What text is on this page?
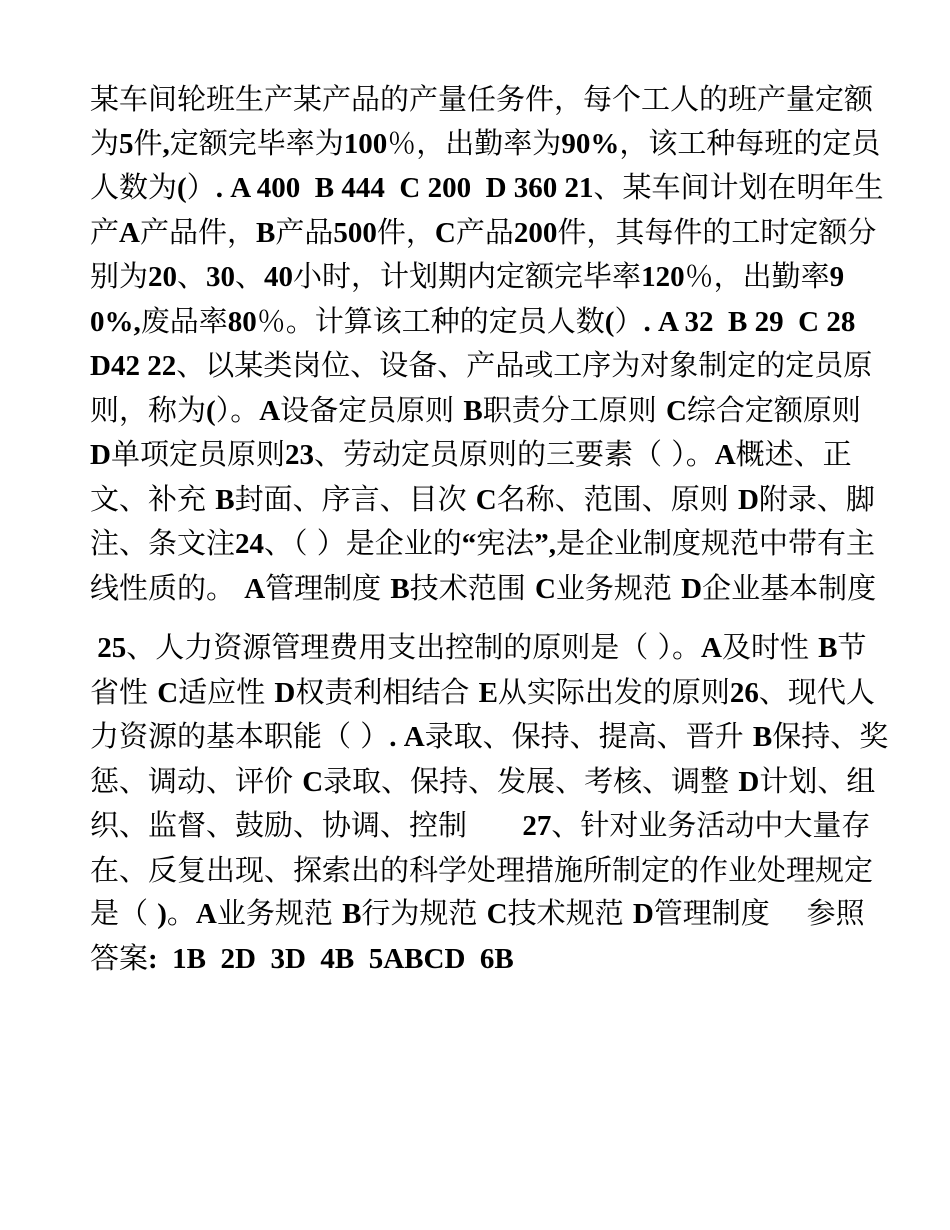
某车间轮班生产某产品的产量任务件，每个工人的班产量定额为5件,定额完毕率为100％，出勤率为90%，该工种每班的定员人数为(）. A 400  B 444  C 200  D 360 21、某车间计划在明年生产A产品件，B产品500件，C产品200件，其每件的工时定额分别为20、30、40小时，计划期内定额完毕率120％，出勤率90%,废品率80％。计算该工种的定员人数(）. A 32  B 29  C 28  D42 22、以某类岗位、设备、产品或工序为对象制定的定员原则，称为(）。A设备定员原则 B职责分工原则 C综合定额原则 D单项定员原则23、劳动定员原则的三要素（ ）。A概述、正文、补充 B封面、序言、目次 C名称、范围、原则 D附录、脚注、条文注24、（ ）是企业的“宪法”,是企业制度规范中带有主线性质的。 A管理制度 B技术范围 C业务规范 D企业基本制度

25、人力资源管理费用支出控制的原则是（ ）。A及时性 B节省性 C适应性 D权责利相结合 E从实际出发的原则26、现代人力资源的基本职能（ ）. A录取、保持、提高、晋升 B保持、奖惩、调动、评价 C录取、保持、发展、考核、调整 D计划、组织、监督、鼓励、协调、控制      27、针对业务活动中大量存在、反复出现、探索出的科学处理措施所制定的作业处理规定是（ )。A业务规范 B行为规范 C技术规范 D管理制度    参照答案:  1B  2D  3D  4B  5ABCD  6B
